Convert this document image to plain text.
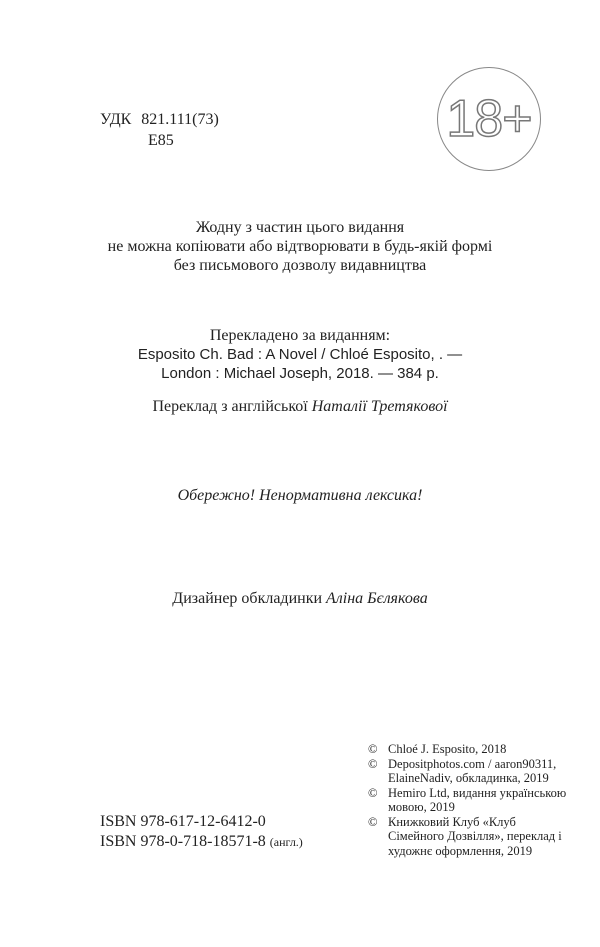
УДК 821.111(73)
E85	18+
Жодну з частин цього видання
не можна копіювати або відтворювати в будь-якій формі
без письмового дозволу видавництва
Перекладено за виданням:
Esposito Ch. Bad : A Novel / Chloé Esposito, . —
London : Michael Joseph, 2018. — 384 p.
Переклад з англійської Наталії Третякової
Обережно! Ненормативна лексика!
Дизайнер обкладинки Аліна Бєлякова
© Chloé J. Esposito, 2018
© Depositphotos.com / aaron90311, ElaineNadiv, обкладинка, 2019
© Hemiro Ltd, видання українською мовою, 2019
© Книжковий Клуб «Клуб Сімейного Дозвілля», переклад і художнє оформлення, 2019
ISBN 978-617-12-6412-0
ISBN 978-0-718-18571-8 (англ.)
